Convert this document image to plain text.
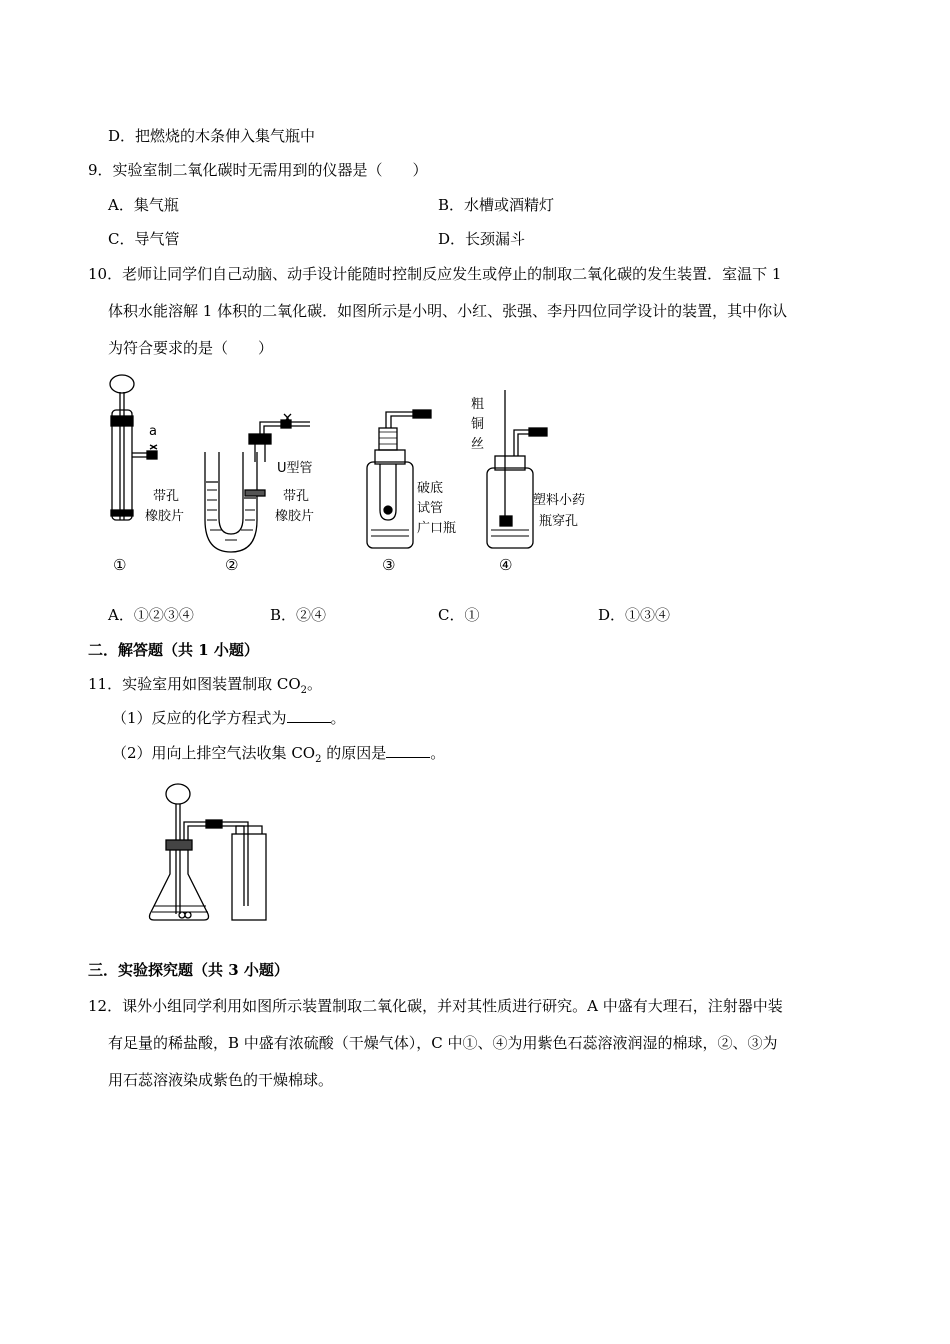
D．把燃烧的木条伸入集气瓶中
9．实验室制二氧化碳时无需用到的仪器是（　　）
A．集气瓶	B．水槽或酒精灯
C．导气管	D．长颈漏斗
10．老师让同学们自己动脑、动手设计能随时控制反应发生或停止的制取二氧化碳的发生装置．室温下 1
体积水能溶解 1 体积的二氧化碳．如图所示是小明、小红、张强、李丹四位同学设计的装置，其中你认
为符合要求的是（　　）
a
带孔
橡胶片
U型管
带孔
橡胶片
破底
试管
广口瓶
粗
铜
丝
塑料小药
瓶穿孔
①	②	③	④
A．①②③④	B．②④	C．①	D．①③④
二．解答题（共 1 小题）
11．实验室用如图装置制取 $CO_2$。
（1）反应的化学方程式为	。
（2）用向上排空气法收集 $CO_2$ 的原因是	。
三．实验探究题（共 3 小题）
12．课外小组同学利用如图所示装置制取二氧化碳，并对其性质进行研究。A 中盛有大理石，注射器中装
有足量的稀盐酸，B 中盛有浓硫酸（干燥气体），C 中①、④为用紫色石蕊溶液润湿的棉球，②、③为
用石蕊溶液染成紫色的干燥棉球。
